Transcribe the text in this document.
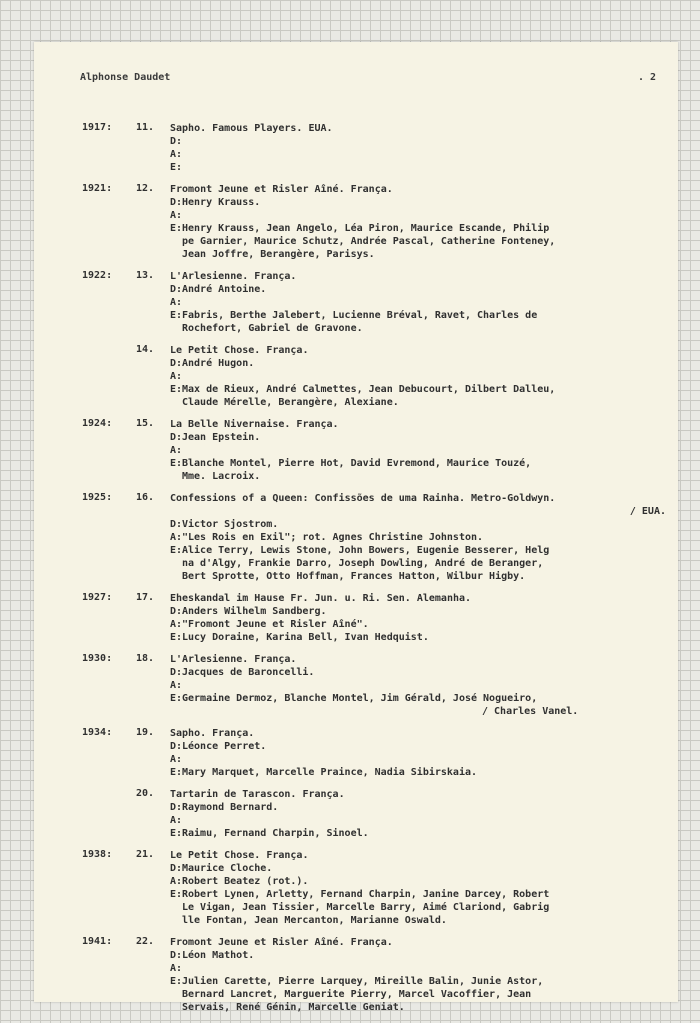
Alphonse Daudet	. 2
1917:	11.	Sapho. Famous Players. EUA.
D:
A:
E:
1921:	12.	Fromont Jeune et Risler Aîné. França.
D: Henry Krauss.
A:
E: Henry Krauss, Jean Angelo, Léa Piron, Maurice Escande, Philip
pe Garnier, Maurice Schutz, Andrée Pascal, Catherine Fonteney,
Jean Joffre, Berangère, Parisys.
1922:	13.	L'Arlesienne. França.
D: André Antoine.
A:
E: Fabris, Berthe Jalebert, Lucienne Bréval, Ravet, Charles de
Rochefort, Gabriel de Gravone.
14.	Le Petit Chose. França.
D: André Hugon.
A:
E: Max de Rieux, André Calmettes, Jean Debucourt, Dilbert Dalleu,
Claude Mérelle, Berangère, Alexiane.
1924:	15.	La Belle Nivernaise. França.
D: Jean Epstein.
A:
E: Blanche Montel, Pierre Hot, David Evremond, Maurice Touzé,
Mme. Lacroix.
1925:	16.	Confessions of a Queen: Confissões de uma Rainha. Metro-Goldwyn.
/ EUA.
D: Victor Sjostrom.
A: "Les Rois en Exil"; rot. Agnes Christine Johnston.
E: Alice Terry, Lewis Stone, John Bowers, Eugenie Besserer, Helg
na d'Algy, Frankie Darro, Joseph Dowling, André de Beranger,
Bert Sprotte, Otto Hoffman, Frances Hatton, Wilbur Higby.
1927:	17.	Eheskandal im Hause Fr. Jun. u. Ri. Sen. Alemanha.
D: Anders Wilhelm Sandberg.
A: "Fromont Jeune et Risler Aîné".
E: Lucy Doraine, Karina Bell, Ivan Hedquist.
1930:	18.	L'Arlesienne. França.
D: Jacques de Baroncelli.
A:
E: Germaine Dermoz, Blanche Montel, Jim Gérald, José Nogueiro,
/ Charles Vanel.
1934:	19.	Sapho. França.
D: Léonce Perret.
A:
E: Mary Marquet, Marcelle Praince, Nadia Sibirskaia.
20.	Tartarin de Tarascon. França.
D: Raymond Bernard.
A:
E: Raimu, Fernand Charpin, Sinoel.
1938:	21.	Le Petit Chose. França.
D: Maurice Cloche.
A: Robert Beatez (rot.).
E: Robert Lynen, Arletty, Fernand Charpin, Janine Darcey, Robert
Le Vigan, Jean Tissier, Marcelle Barry, Aimé Clariond, Gabrig
lle Fontan, Jean Mercanton, Marianne Oswald.
1941:	22.	Fromont Jeune et Risler Aîné. França.
D: Léon Mathot.
A:
E: Julien Carette, Pierre Larquey, Mireille Balin, Junie Astor,
Bernard Lancret, Marguerite Pierry, Marcel Vacoffier, Jean
Servais, René Génin, Marcelle Geniat.
